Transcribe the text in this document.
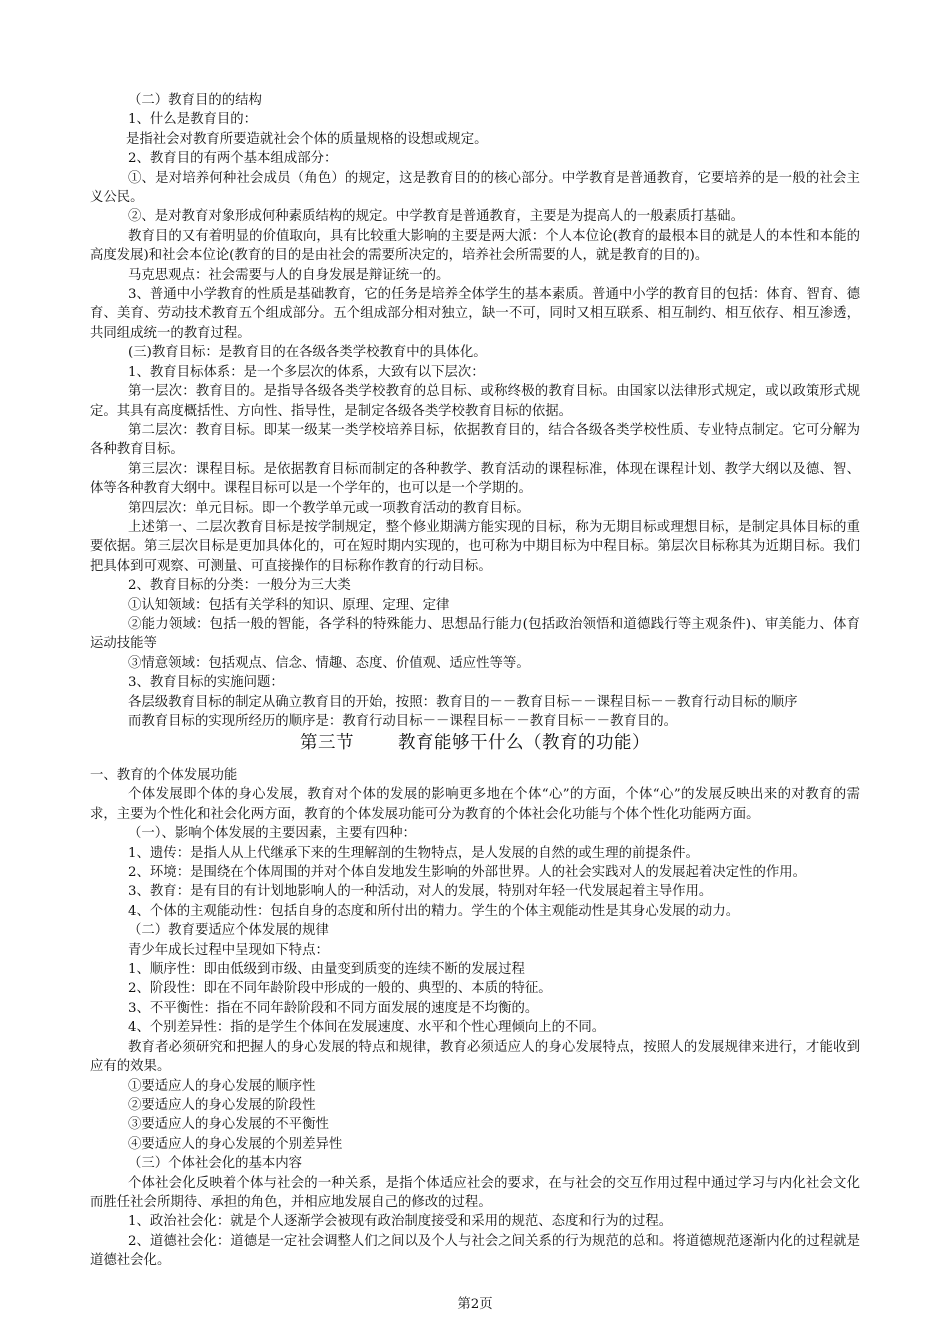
（二）教育目的的结构

1、什么是教育目的：

是指社会对教育所要造就社会个体的质量规格的设想或规定。

2、教育目的有两个基本组成部分：

①、是对培养何种社会成员（角色）的规定，这是教育目的的核心部分。中学教育是普通教育，它要培养的是一般的社会主义公民。

②、是对教育对象形成何种素质结构的规定。中学教育是普通教育，主要是为提高人的一般素质打基础。

教育目的又有着明显的价值取向，具有比较重大影响的主要是两大派：个人本位论(教育的最根本目的就是人的本性和本能的高度发展)和社会本位论(教育的目的是由社会的需要所决定的，培养社会所需要的人，就是教育的目的)。

马克思观点：社会需要与人的自身发展是辩证统一的。

3、普通中小学教育的性质是基础教育，它的任务是培养全体学生的基本素质。普通中小学的教育目的包括：体育、智育、德育、美育、劳动技术教育五个组成部分。五个组成部分相对独立，缺一不可，同时又相互联系、相互制约、相互依存、相互渗透，共同组成统一的教育过程。

(三)教育目标：是教育目的在各级各类学校教育中的具体化。

1、教育目标体系：是一个多层次的体系，大致有以下层次：

第一层次：教育目的。是指导各级各类学校教育的总目标、或称终极的教育目标。由国家以法律形式规定，或以政策形式规定。其具有高度概括性、方向性、指导性，是制定各级各类学校教育目标的依据。

第二层次：教育目标。即某一级某一类学校培养目标，依据教育目的，结合各级各类学校性质、专业特点制定。它可分解为各种教育目标。

第三层次：课程目标。是依据教育目标而制定的各种教学、教育活动的课程标准，体现在课程计划、教学大纲以及德、智、体等各种教育大纲中。课程目标可以是一个学年的，也可以是一个学期的。

第四层次：单元目标。即一个教学单元或一项教育活动的教育目标。

上述第一、二层次教育目标是按学制规定，整个修业期满方能实现的目标，称为无期目标或理想目标，是制定具体目标的重要依据。第三层次目标是更加具体化的，可在短时期内实现的，也可称为中期目标为中程目标。第层次目标称其为近期目标。我们把具体到可观察、可测量、可直接操作的目标称作教育的行动目标。

2、教育目标的分类：一般分为三大类

①认知领域：包括有关学科的知识、原理、定理、定律

②能力领域：包括一般的智能，各学科的特殊能力、思想品行能力(包括政治领悟和道德践行等主观条件)、审美能力、体育运动技能等

③情意领域：包括观点、信念、情趣、态度、价值观、适应性等等。

3、教育目标的实施问题：

各层级教育目标的制定从确立教育目的开始，按照：教育目的－－教育目标－－课程目标－－教育行动目标的顺序

而教育目标的实现所经历的顺序是：教育行动目标－－课程目标－－教育目标－－教育目的。

第三节	教育能够干什么（教育的功能）

一、教育的个体发展功能

个体发展即个体的身心发展，教育对个体的发展的影响更多地在个体“心”的方面，个体“心”的发展反映出来的对教育的需求，主要为个性化和社会化两方面，教育的个体发展功能可分为教育的个体社会化功能与个体个性化功能两方面。

（一）、影响个体发展的主要因素，主要有四种：

1、遗传：是指人从上代继承下来的生理解剖的生物特点，是人发展的自然的或生理的前提条件。

2、环境：是围绕在个体周围的并对个体自发地发生影响的外部世界。人的社会实践对人的发展起着决定性的作用。

3、教育：是有目的有计划地影响人的一种活动，对人的发展，特别对年轻一代发展起着主导作用。

4、个体的主观能动性：包括自身的态度和所付出的精力。学生的个体主观能动性是其身心发展的动力。

（二）教育要适应个体发展的规律

青少年成长过程中呈现如下特点：

1、顺序性：即由低级到市级、由量变到质变的连续不断的发展过程

2、阶段性：即在不同年龄阶段中形成的一般的、典型的、本质的特征。

3、不平衡性：指在不同年龄阶段和不同方面发展的速度是不均衡的。

4、个别差异性：指的是学生个体间在发展速度、水平和个性心理倾向上的不同。

教育者必须研究和把握人的身心发展的特点和规律，教育必须适应人的身心发展特点，按照人的发展规律来进行，才能收到应有的效果。

①要适应人的身心发展的顺序性

②要适应人的身心发展的阶段性

③要适应人的身心发展的不平衡性

④要适应人的身心发展的个别差异性

（三）个体社会化的基本内容

个体社会化反映着个体与社会的一种关系，是指个体适应社会的要求，在与社会的交互作用过程中通过学习与内化社会文化而胜任社会所期待、承担的角色，并相应地发展自己的修改的过程。

1、政治社会化：就是个人逐渐学会被现有政治制度接受和采用的规范、态度和行为的过程。

2、道德社会化：道德是一定社会调整人们之间以及个人与社会之间关系的行为规范的总和。将道德规范逐渐内化的过程就是道德社会化。

第2页
